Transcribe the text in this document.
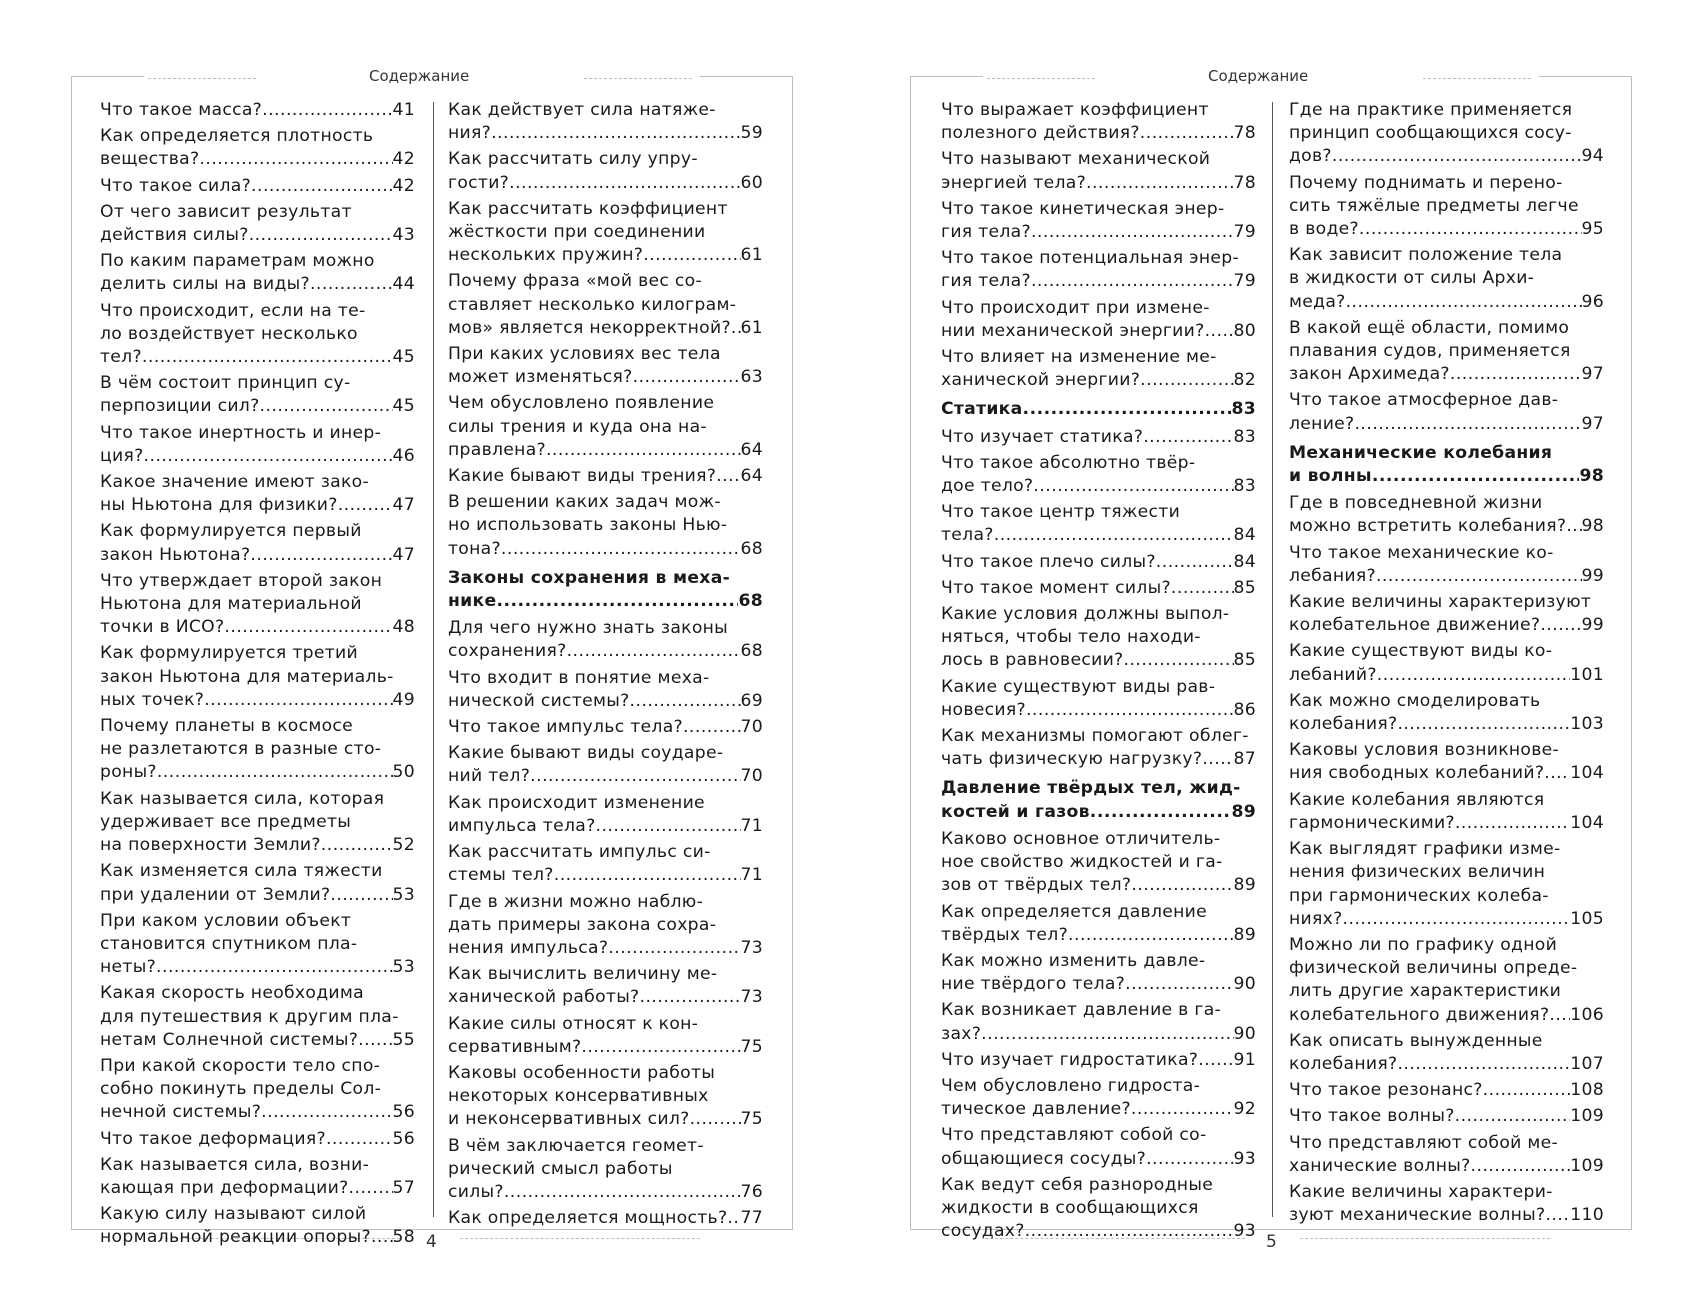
Содержание
4
Что такое масса? .....	41
Как определяется плотность
вещества? .....	42
Что такое сила? .....	42
От чего зависит результат
действия силы? .....	43
По каким параметрам можно
делить силы на виды? .....	44
Что происходит, если на те-
ло воздействует несколько
тел? .....	45
В чём состоит принцип су-
перпозиции сил? .....	45
Что такое инертность и инер-
ция? .....	46
Какое значение имеют зако-
ны Ньютона для физики? .....	47
Как формулируется первый
закон Ньютона? .....	47
Что утверждает второй закон
Ньютона для материальной
точки в ИСО? .....	48
Как формулируется третий
закон Ньютона для материаль-
ных точек? .....	49
Почему планеты в космосе
не разлетаются в разные сто-
роны? .....	50
Как называется сила, которая
удерживает все предметы
на поверхности Земли? .....	52
Как изменяется сила тяжести
при удалении от Земли? .....	53
При каком условии объект
становится спутником пла-
неты? .....	53
Какая скорость необходима
для путешествия к другим пла-
нетам Солнечной системы? ..... 55
При какой скорости тело спо-
собно покинуть пределы Сол-
нечной системы? .....	56
Что такое деформация? .....	56
Как называется сила, возни-
кающая при деформации? .....	57
Какую силу называют силой
нормальной реакции опоры? ..... 58
Как действует сила натяже-
ния? .....	59
Как рассчитать силу упру-
гости? .....	60
Как рассчитать коэффициент
жёсткости при соединении
нескольких пружин? .....	61
Почему фраза «мой вес со-
ставляет несколько килограм-
мов» является некорректной? ..... 61
При каких условиях вес тела
может изменяться? .....	63
Чем обусловлено появление
силы трения и куда она на-
правлена? .....	64
Какие бывают виды трения? ..... 64
В решении каких задач мож-
но использовать законы Нью-
тона? .....	68
Законы сохранения в меха-
нике .....	68
Для чего нужно знать законы
сохранения? .....	68
Что входит в понятие меха-
нической системы? .....	69
Что такое импульс тела? .....	70
Какие бывают виды соударе-
ний тел? .....	70
Как происходит изменение
импульса тела? .....	71
Как рассчитать импульс си-
стемы тел? .....	71
Где в жизни можно наблю-
дать примеры закона сохра-
нения импульса? .....	73
Как вычислить величину ме-
ханической работы? .....	73
Какие силы относят к кон-
сервативным? .....	75
Каковы особенности работы
некоторых консервативных
и неконсервативных сил? .....	75
В чём заключается геомет-
рический смысл работы
силы? .....	76
Как определяется мощность? ..... 77
Содержание
5
Что выражает коэффициент
полезного действия? .....	78
Что называют механической
энергией тела? .....	78
Что такое кинетическая энер-
гия тела? .....	79
Что такое потенциальная энер-
гия тела? .....	79
Что происходит при измене-
нии механической энергии? ..... 80
Что влияет на изменение ме-
ханической энергии? .....	82
Статика .....	83
Что изучает статика? .....	83
Что такое абсолютно твёр-
дое тело? .....	83
Что такое центр тяжести
тела? .....	84
Что такое плечо силы? .....	84
Что такое момент силы? .....	85
Какие условия должны выпол-
няться, чтобы тело находи-
лось в равновесии? .....	85
Какие существуют виды рав-
новесия? .....	86
Как механизмы помогают облег-
чать физическую нагрузку? ..... 87
Давление твёрдых тел, жид-
костей и газов .....	89
Каково основное отличитель-
ное свойство жидкостей и га-
зов от твёрдых тел? .....	89
Как определяется давление
твёрдых тел? .....	89
Как можно изменить давле-
ние твёрдого тела? .....	90
Как возникает давление в га-
зах? .....	90
Что изучает гидростатика? ..... 91
Чем обусловлено гидроста-
тическое давление? .....	92
Что представляют собой со-
общающиеся сосуды? .....	93
Как ведут себя разнородные
жидкости в сообщающихся
сосудах? .....	93
Где на практике применяется
принцип сообщающихся сосу-
дов? .....	94
Почему поднимать и перено-
сить тяжёлые предметы легче
в воде? .....	95
Как зависит положение тела
в жидкости от силы Архи-
меда? .....	96
В какой ещё области, помимо
плавания судов, применяется
закон Архимеда? .....	97
Что такое атмосферное дав-
ление? .....	97
Механические колебания
и волны .....	98
Где в повседневной жизни
можно встретить колебания? ..... 98
Что такое механические ко-
лебания? .....	99
Какие величины характеризуют
колебательное движение? ..... 99
Какие существуют виды ко-
лебаний? .....	101
Как можно смоделировать
колебания? .....	103
Каковы условия возникнове-
ния свободных колебаний? ..... 104
Какие колебания являются
гармоническими? .....	104
Как выглядят графики изме-
нения физических величин
при гармонических колеба-
ниях? .....	105
Можно ли по графику одной
физической величины опреде-
лить другие характеристики
колебательного движения? ..... 106
Как описать вынужденные
колебания? .....	107
Что такое резонанс? .....	108
Что такое волны? .....	109
Что представляют собой ме-
ханические волны? .....	109
Какие величины характери-
зуют механические волны? ..... 110
